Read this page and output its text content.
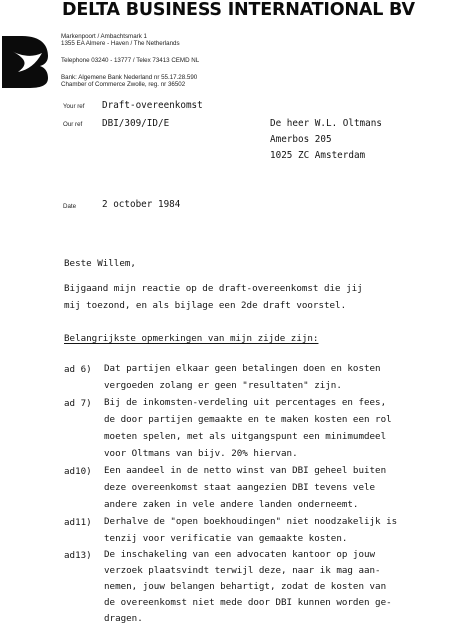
DELTA BUSINESS INTERNATIONAL BV
Markenpoort / Ambachtsmark 1
1355 EA Almere - Haven / The Netherlands
Telephone 03240 - 13777 / Telex 73413 CEMD NL
Bank: Algemene Bank Nederland nr 55.17.28.590
Chamber of Commerce Zwolle, reg. nr 36502
Your ref Draft-overeenkomst
Our ref DBI/309/ID/E	De heer W.L. Oltmans
Amerbos 205
1025 ZC Amsterdam
Date	2 october 1984
Beste Willem,
Bijgaand mijn reactie op de draft-overeenkomst die jij
mij toezond, en als bijlage een 2de draft voorstel.
Belangrijkste opmerkingen van mijn zijde zijn:
ad 6) Dat partijen elkaar geen betalingen doen en kosten
vergoeden zolang er geen "resultaten" zijn.
ad 7) Bij de inkomsten-verdeling uit percentages en fees,
de door partijen gemaakte en te maken kosten een rol
moeten spelen, met als uitgangspunt een minimumdeel
voor Oltmans van bijv. 20% hiervan.
ad10) Een aandeel in de netto winst van DBI geheel buiten
deze overeenkomst staat aangezien DBI tevens vele
andere zaken in vele andere landen onderneemt.
ad11) Derhalve de "open boekhoudingen" niet noodzakelijk is
tenzij voor verificatie van gemaakte kosten.
ad13) De inschakeling van een advocaten kantoor op jouw
verzoek plaatsvindt terwijl deze, naar ik mag aan-
nemen, jouw belangen behartigt, zodat de kosten van
de overeenkomst niet mede door DBI kunnen worden ge-
dragen.
